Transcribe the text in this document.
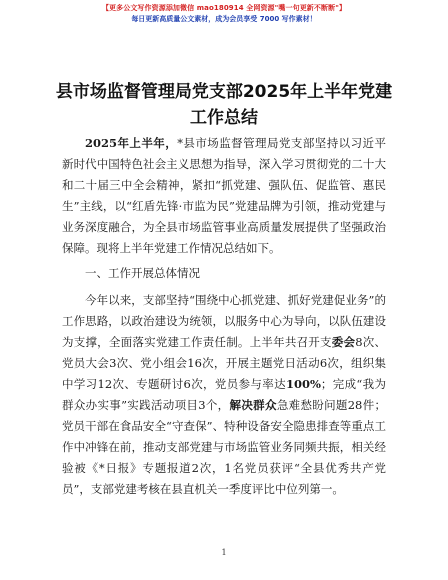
【更多公文写作资源添加微信 mao180914 全网资源"嘴一句更新不断断"】
每日更新高质量公文素材，成为会员享受 7000 写作素材！
县市场监督管理局党支部2025年上半年党建工作总结

2025年上半年，*县市场监督管理局党支部坚持以习近平新时代中国特色社会主义思想为指导，深入学习贯彻党的二十大和二十届三中全会精神，紧扣“抓党建、强队伍、促监管、惠民生”主线，以“红盾先锋·市监为民”党建品牌为引领，推动党建与业务深度融合，为全县市场监管事业高质量发展提供了坚强政治保障。现将上半年党建工作情况总结如下。

一、工作开展总体情况

今年以来，支部坚持“围绕中心抓党建、抓好党建促业务”的工作思路，以政治建设为统领，以服务中心为导向，以队伍建设为支撑，全面落实党建工作责任制。上半年共召开支委会8次、党员大会3次、党小组会16次，开展主题党日活动6次，组织集中学习12次、专题研讨6次，党员参与率达100%；完成“我为群众办实事”实践活动项目3个，解决群众急难愁盼问题28件；党员干部在食品安全“守查保”、特种设备安全隐患排查等重点工作中冲锋在前，推动支部党建与市场监管业务同频共振，相关经验被《*日报》专题报道2次，1名党员获评“全县优秀共产党员”，支部党建考核在县直机关一季度评比中位列第一。

1
